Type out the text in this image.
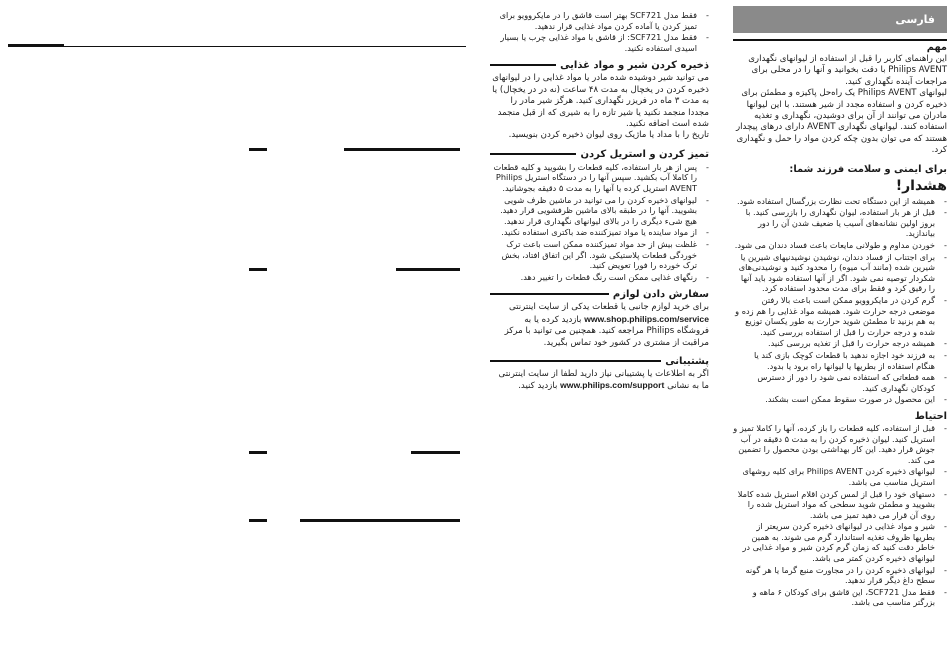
فارسی
مهم

این راهنمای کاربر را قبل از استفاده از لیوانهای نگهداری Philips AVENT با دقت بخوانید و آنها را در محلی برای مراجعات آینده نگهداری کنید.

لیوانهای Philips AVENT یک راه‌حل پاکیزه و مطمئن برای ذخیره کردن و استفاده مجدد از شیر هستند. با این لیوانها مادران می توانند از آن برای دوشیدن، نگهداری و تغذیه استفاده کنند. لیوانهای نگهداری AVENT دارای درهای پیچدار هستند که می توان بدون چکه کردن مواد را حمل و نگهداری کرد.

برای ایمنی و سلامت فرزند شما:
هشدار!

-
همیشه از این دستگاه تحت نظارت بزرگسال استفاده شود.

-
قبل از هر بار استفاده، لیوان نگهداری را بازرسی کنید. با بروز اولین نشانه‌های آسیب یا ضعیف شدن آن را دور بیاندازید.

-
خوردن مداوم و طولانی مایعات باعث فساد دندان می شود.

-
برای اجتناب از فساد دندان، نوشیدن نوشیدنیهای شیرین یا شیرین شده (مانند آب میوه) را محدود کنید و نوشیدنی‌های شکردار توصیه نمی شود. اگر از آنها استفاده شود باید آنها را رقیق کرد و فقط برای مدت محدود استفاده کرد.

-
گرم کردن در مایکروویو ممکن است باعث بالا رفتن موضعی درجه حرارت شود. همیشه مواد غذایی را هم زده و به هم بزنید تا مطمئن شوید حرارت به طور یکسان توزیع شده و درجه حرارت را قبل از استفاده بررسی کنید.

-
همیشه درجه حرارت را قبل از تغذیه بررسی کنید.

-
به فرزند خود اجازه ندهید با قطعات کوچک بازی کند یا هنگام استفاده از بطریها یا لیوانها راه برود یا بدود.

-
همه قطعاتی که استفاده نمی شود را دور از دسترس کودکان نگهداری کنید.

-
این محصول در صورت سقوط ممکن است بشکند.

احتیاط

-
قبل از استفاده، کلیه قطعات را باز کرده، آنها را کاملا تمیز و استریل کنید. لیوان ذخیره کردن را به مدت ۵ دقیقه در آب جوش قرار دهید. این کار بهداشتی بودن محصول را تضمین می کند.

-
لیوانهای ذخیره کردن Philips AVENT برای کلیه روشهای استریل مناسب می باشد.

-
دستهای خود را قبل از لمس کردن اقلام استریل شده کاملا بشویید و مطمئن شوید سطحی که مواد استریل شده را روی آن قرار می دهید تمیز می باشد.

-
شیر و مواد غذایی در لیوانهای ذخیره کردن سریعتر از بطریها ظروف تغذیه استاندارد گرم می شوند. به همین خاطر دقت کنید که زمان گرم کردن شیر و مواد غذایی در لیوانهای ذخیره کردن کمتر می باشد.

-
لیوانهای ذخیره کردن را در مجاورت منبع گرما یا هر گونه سطح داغ دیگر قرار ندهید.

-
فقط مدل SCF721، این قاشق برای کودکان ۶ ماهه و بزرگتر مناسب می باشد.

-
فقط مدل SCF721 بهتر است قاشق را در مایکروویو برای تمیز کردن یا آماده کردن مواد غذایی قرار ندهید.

-
فقط مدل SCF721: از قاشق با مواد غذایی چرب یا بسیار اسیدی استفاده نکنید.

ذخیره کردن شیر و مواد غذایی

می توانید شیر دوشیده شده مادر یا مواد غذایی را در لیوانهای ذخیره کردن در یخچال به مدت ۴۸ ساعت (نه در در یخچال) یا به مدت ۳ ماه در فریزر نگهداری کنید. هرگز شیر مادر را مجددا منجمد نکنید یا شیر تازه را به شیری که از قبل منجمد شده است اضافه نکنید.

تاریخ را با مداد یا ماژیک روی لیوان ذخیره کردن بنویسید.

تمیز کردن و استریل کردن

-
پس از هر بار استفاده، کلیه قطعات را بشویید و کلیه قطعات را کاملا آب بکشید. سپس آنها را در دستگاه استریل Philips AVENT استریل کرده یا آنها را به مدت ۵ دقیقه بجوشانید.

-
لیوانهای ذخیره کردن را می توانید در ماشین ظرف شویی بشویید. آنها را در طبقه بالای ماشین ظرفشویی قرار دهید. هیچ شیء دیگری را در بالای لیوانهای نگهداری قرار ندهید.

-
از مواد ساینده یا مواد تمیزکننده ضد باکتری استفاده نکنید.

-
غلظت بیش از حد مواد تمیزکننده ممکن است باعث ترک خوردگی قطعات پلاستیکی شود. اگر این اتفاق افتاد، بخش ترک خورده را فورا تعویض کنید.

-
رنگهای غذایی ممکن است رنگ قطعات را تغییر دهد.

سفارش دادن لوازم

برای خرید لوازم جانبی یا قطعات یدکی از سایت اینترنتی www.shop.philips.com/service بازدید کرده یا به فروشگاه Philips مراجعه کنید. همچنین می توانید با مرکز مراقبت از مشتری در کشور خود تماس بگیرید.

پشتیبانی

اگر به اطلاعات یا پشتیبانی نیاز دارید لطفا از سایت اینترنتی ما به نشانی www.philips.com/support بازدید کنید.
